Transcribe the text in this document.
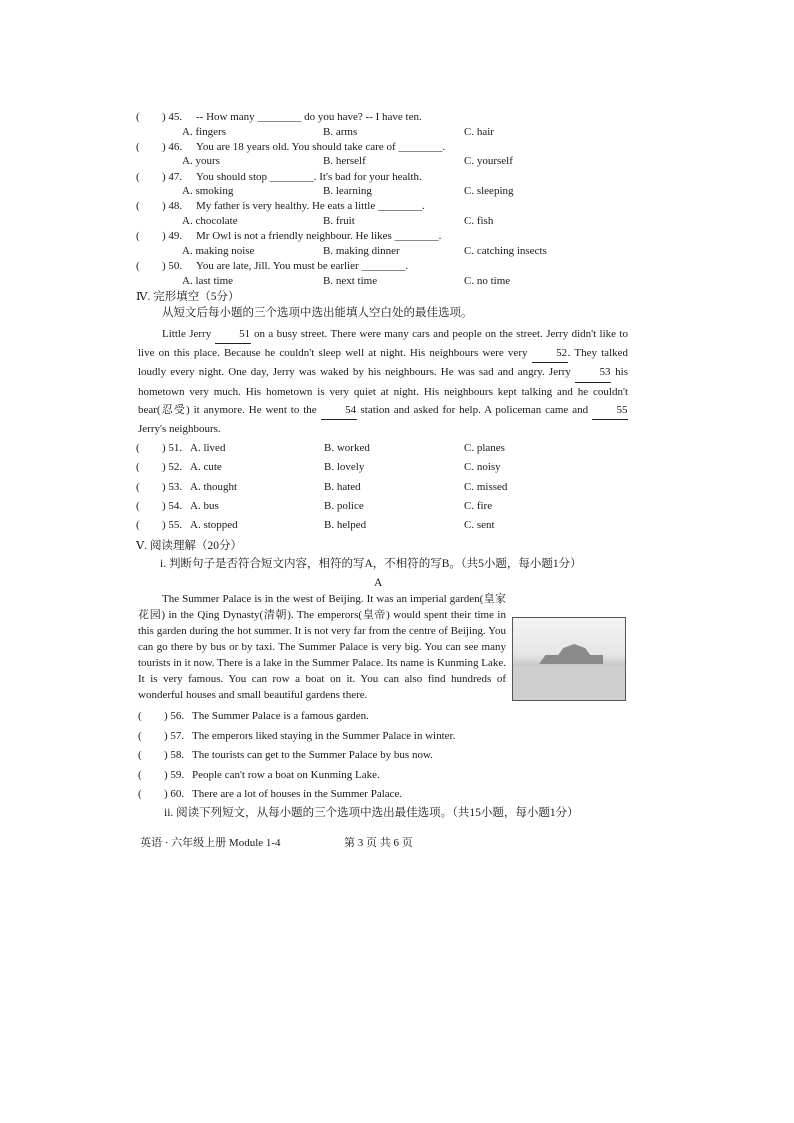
( ) 45. -- How many ________ do you have? -- I have ten.
A. fingers	B. arms	C. hair
( ) 46. You are 18 years old. You should take care of ________.
A. yours	B. herself	C. yourself
( ) 47. You should stop ________. It's bad for your health.
A. smoking	B. learning	C. sleeping
( ) 48. My father is very healthy. He eats a little ________.
A. chocolate	B. fruit	C. fish
( ) 49. Mr Owl is not a friendly neighbour. He likes ________.
A. making noise	B. making dinner	C. catching insects
( ) 50. You are late, Jill. You must be earlier ________.
A. last time	B. next time	C. no time
Ⅳ. 完形填空（5分）
从短文后每小题的三个选项中选出能填人空白处的最佳选项。

Little Jerry	51 on a busy street. There were many cars and people on the street. Jerry didn't like to live on this place. Because he couldn't sleep well at night. His neighbours were very	52. They talked loudly every night. One day, Jerry was waked by his neighbours. He was sad and angry. Jerry	53 his hometown very much. His hometown is very quiet at night. His neighbours kept talking and he couldn't bear(忍受) it anymore. He went to the	54 station and asked for help. A policeman came and	55 Jerry's neighbours.

( ) 51. A. lived	B. worked	C. planes
( ) 52. A. cute	B. lovely	C. noisy
( ) 53. A. thought	B. hated	C. missed
( ) 54. A. bus	B. police	C. fire
( ) 55. A. stopped	B. helped	C. sent
Ⅴ. 阅读理解（20分）
i. 判断句子是否符合短文内容，相符的写A，不相符的写B。（共5小题，每小题1分）
A

The Summer Palace is in the west of Beijing. It was an imperial garden(皇家花园) in the Qing Dynasty(清朝). The emperors(皇帝) would spent their time in this garden during the hot summer. It is not very far from the centre of Beijing. You can go there by bus or by taxi. The Summer Palace is very big. You can see many tourists in it now. There is a lake in the Summer Palace. Its name is Kunming Lake. It is very famous. You can row a boat on it. You can also find hundreds of wonderful houses and small beautiful gardens there.

( ) 56. The Summer Palace is a famous garden.
( ) 57. The emperors liked staying in the Summer Palace in winter.
( ) 58. The tourists can get to the Summer Palace by bus now.
( ) 59. People can't row a boat on Kunming Lake.
( ) 60. There are a lot of houses in the Summer Palace.
ii. 阅读下列短文，从每小题的三个选项中选出最佳选项。（共15小题，每小题1分）
英语 · 六年级上册 Module 1-4	第 3 页 共 6 页
